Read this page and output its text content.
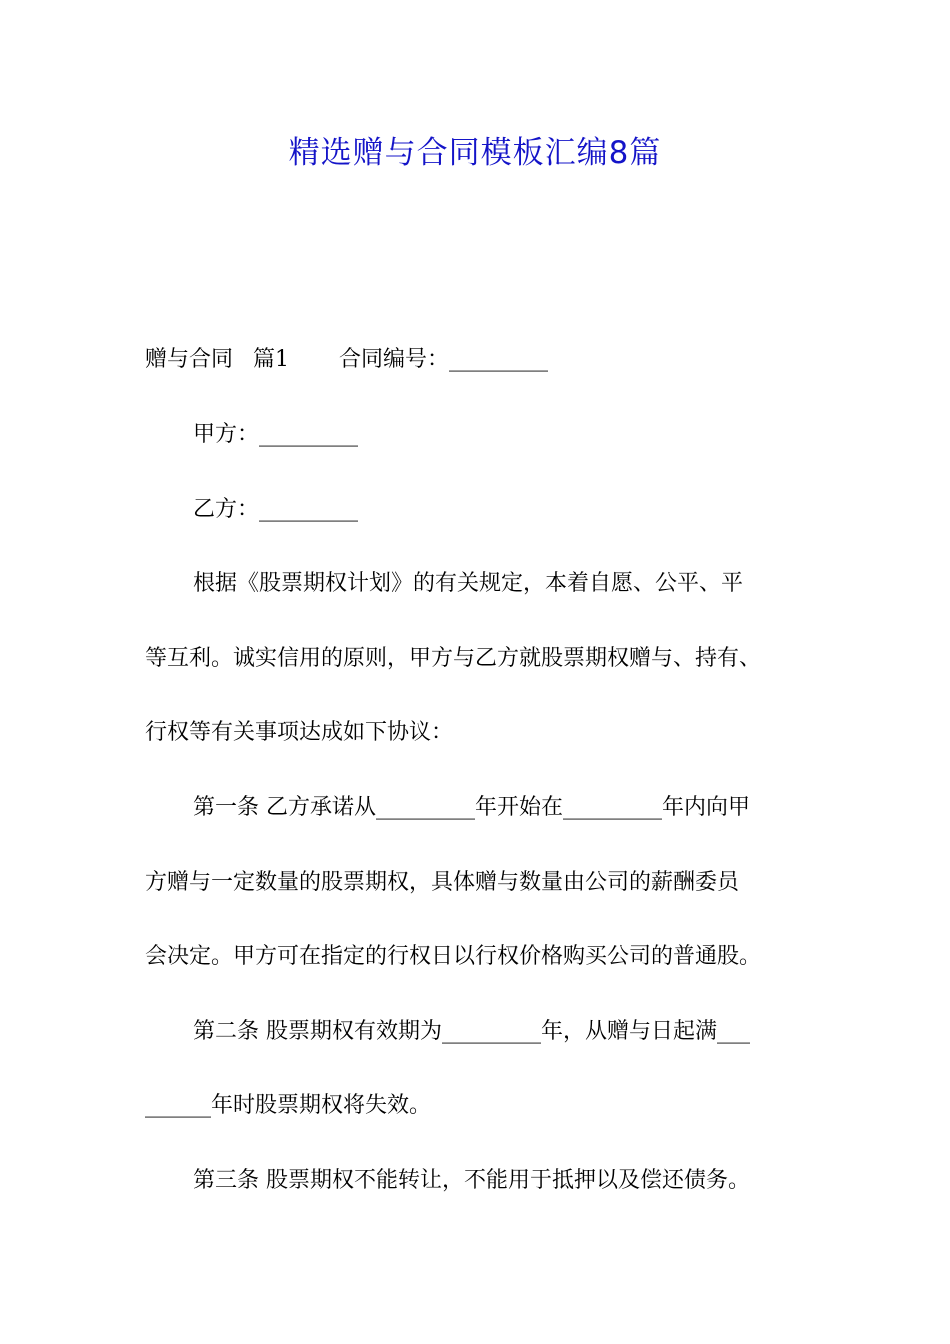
精选赠与合同模板汇编8篇
赠与合同 篇1 合同编号：_________
甲方：_________
乙方：_________
根据《股票期权计划》的有关规定，本着自愿、公平、平
等互利。诚实信用的原则，甲方与乙方就股票期权赠与、持有、
行权等有关事项达成如下协议：
第一条 乙方承诺从_________年开始在_________年内向甲
方赠与一定数量的股票期权，具体赠与数量由公司的薪酬委员
会决定。甲方可在指定的行权日以行权价格购买公司的普通股。
第二条 股票期权有效期为_________年，从赠与日起满___
______年时股票期权将失效。
第三条 股票期权不能转让，不能用于抵押以及偿还债务。
